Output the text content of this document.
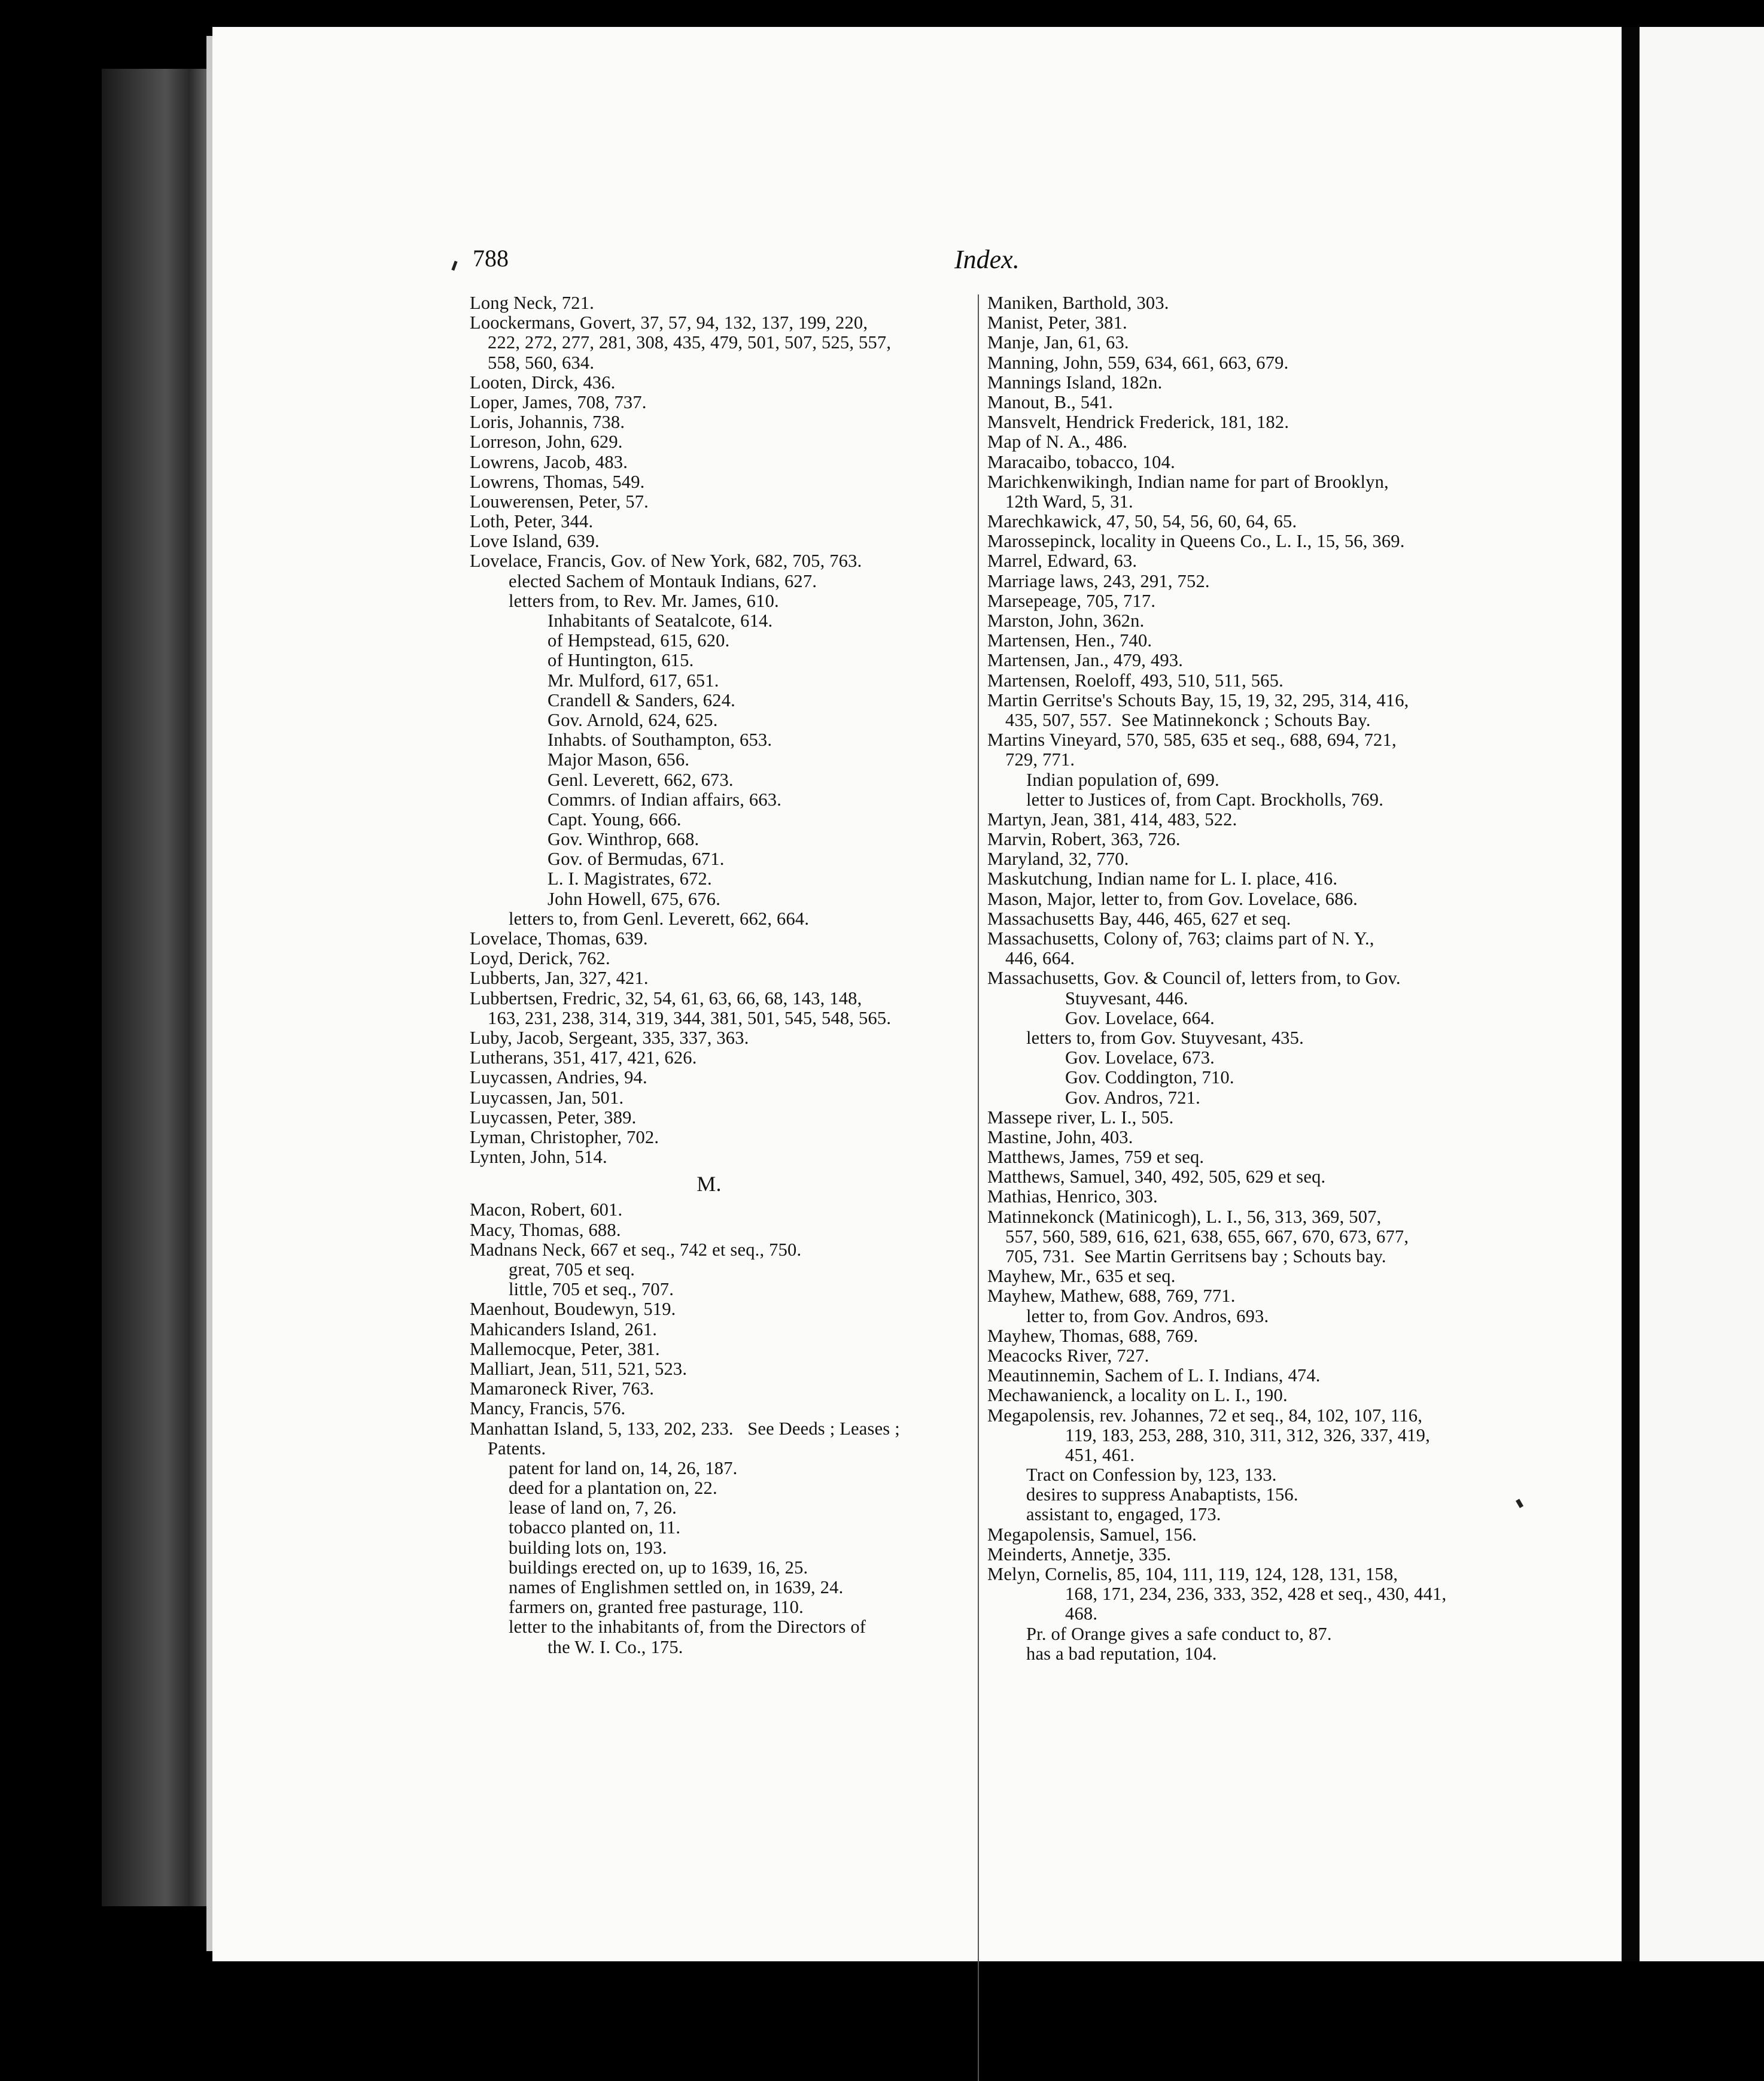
788	Index.
Long Neck, 721.
Loockermans, Govert, 37, 57, 94, 132, 137, 199, 220,
222, 272, 277, 281, 308, 435, 479, 501, 507, 525, 557,
558, 560, 634.
Looten, Dirck, 436.
Loper, James, 708, 737.
Loris, Johannis, 738.
Lorreson, John, 629.
Lowrens, Jacob, 483.
Lowrens, Thomas, 549.
Louwerensen, Peter, 57.
Loth, Peter, 344.
Love Island, 639.
Lovelace, Francis, Gov. of New York, 682, 705, 763.
elected Sachem of Montauk Indians, 627.
letters from, to Rev. Mr. James, 610.
Inhabitants of Seatalcote, 614.
of Hempstead, 615, 620.
of Huntington, 615.
Mr. Mulford, 617, 651.
Crandell & Sanders, 624.
Gov. Arnold, 624, 625.
Inhabts. of Southampton, 653.
Major Mason, 656.
Genl. Leverett, 662, 673.
Commrs. of Indian affairs, 663.
Capt. Young, 666.
Gov. Winthrop, 668.
Gov. of Bermudas, 671.
L. I. Magistrates, 672.
John Howell, 675, 676.
letters to, from Genl. Leverett, 662, 664.
Lovelace, Thomas, 639.
Loyd, Derick, 762.
Lubberts, Jan, 327, 421.
Lubbertsen, Fredric, 32, 54, 61, 63, 66, 68, 143, 148,
163, 231, 238, 314, 319, 344, 381, 501, 545, 548, 565.
Luby, Jacob, Sergeant, 335, 337, 363.
Lutherans, 351, 417, 421, 626.
Luycassen, Andries, 94.
Luycassen, Jan, 501.
Luycassen, Peter, 389.
Lyman, Christopher, 702.
Lynten, John, 514.
M.
Macon, Robert, 601.
Macy, Thomas, 688.
Madnans Neck, 667 et seq., 742 et seq., 750.
great, 705 et seq.
little, 705 et seq., 707.
Maenhout, Boudewyn, 519.
Mahicanders Island, 261.
Mallemocque, Peter, 381.
Malliart, Jean, 511, 521, 523.
Mamaroneck River, 763.
Mancy, Francis, 576.
Manhattan Island, 5, 133, 202, 233.   See Deeds ; Leases ;
Patents.
patent for land on, 14, 26, 187.
deed for a plantation on, 22.
lease of land on, 7, 26.
tobacco planted on, 11.
building lots on, 193.
buildings erected on, up to 1639, 16, 25.
names of Englishmen settled on, in 1639, 24.
farmers on, granted free pasturage, 110.
letter to the inhabitants of, from the Directors of
the W. I. Co., 175.
Maniken, Barthold, 303.
Manist, Peter, 381.
Manje, Jan, 61, 63.
Manning, John, 559, 634, 661, 663, 679.
Mannings Island, 182n.
Manout, B., 541.
Mansvelt, Hendrick Frederick, 181, 182.
Map of N. A., 486.
Maracaibo, tobacco, 104.
Marichkenwikingh, Indian name for part of Brooklyn,
12th Ward, 5, 31.
Marechkawick, 47, 50, 54, 56, 60, 64, 65.
Marossepinck, locality in Queens Co., L. I., 15, 56, 369.
Marrel, Edward, 63.
Marriage laws, 243, 291, 752.
Marsepeage, 705, 717.
Marston, John, 362n.
Martensen, Hen., 740.
Martensen, Jan., 479, 493.
Martensen, Roeloff, 493, 510, 511, 565.
Martin Gerritse's Schouts Bay, 15, 19, 32, 295, 314, 416,
435, 507, 557.  See Matinnekonck ; Schouts Bay.
Martins Vineyard, 570, 585, 635 et seq., 688, 694, 721,
729, 771.
Indian population of, 699.
letter to Justices of, from Capt. Brockholls, 769.
Martyn, Jean, 381, 414, 483, 522.
Marvin, Robert, 363, 726.
Maryland, 32, 770.
Maskutchung, Indian name for L. I. place, 416.
Mason, Major, letter to, from Gov. Lovelace, 686.
Massachusetts Bay, 446, 465, 627 et seq.
Massachusetts, Colony of, 763; claims part of N. Y.,
446, 664.
Massachusetts, Gov. & Council of, letters from, to Gov.
Stuyvesant, 446.
Gov. Lovelace, 664.
letters to, from Gov. Stuyvesant, 435.
Gov. Lovelace, 673.
Gov. Coddington, 710.
Gov. Andros, 721.
Massepe river, L. I., 505.
Mastine, John, 403.
Matthews, James, 759 et seq.
Matthews, Samuel, 340, 492, 505, 629 et seq.
Mathias, Henrico, 303.
Matinnekonck (Matinicogh), L. I., 56, 313, 369, 507,
557, 560, 589, 616, 621, 638, 655, 667, 670, 673, 677,
705, 731.  See Martin Gerritsens bay ; Schouts bay.
Mayhew, Mr., 635 et seq.
Mayhew, Mathew, 688, 769, 771.
letter to, from Gov. Andros, 693.
Mayhew, Thomas, 688, 769.
Meacocks River, 727.
Meautinnemin, Sachem of L. I. Indians, 474.
Mechawanienck, a locality on L. I., 190.
Megapolensis, rev. Johannes, 72 et seq., 84, 102, 107, 116,
119, 183, 253, 288, 310, 311, 312, 326, 337, 419,
451, 461.
Tract on Confession by, 123, 133.
desires to suppress Anabaptists, 156.
assistant to, engaged, 173.
Megapolensis, Samuel, 156.
Meinderts, Annetje, 335.
Melyn, Cornelis, 85, 104, 111, 119, 124, 128, 131, 158,
168, 171, 234, 236, 333, 352, 428 et seq., 430, 441,
468.
Pr. of Orange gives a safe conduct to, 87.
has a bad reputation, 104.
